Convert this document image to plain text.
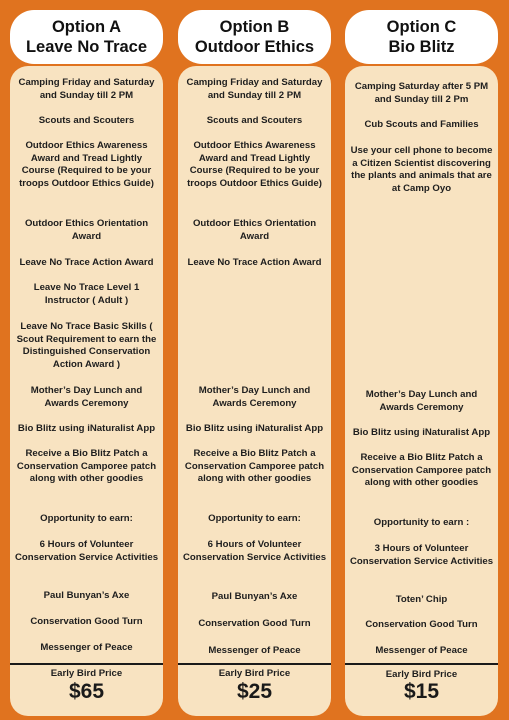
Option A
Leave No Trace
Camping Friday and Saturday and Sunday till 2 PM
Scouts and Scouters
Outdoor Ethics Awareness Award and Tread Lightly Course (Required to be your troops Outdoor Ethics Guide)
Outdoor Ethics Orientation Award
Leave No Trace Action Award
Leave No Trace Level 1 Instructor ( Adult )
Leave No Trace Basic Skills ( Scout Requirement to earn the Distinguished Conservation Action Award )
Mother’s Day Lunch and Awards Ceremony
Bio Blitz using iNaturalist App
Receive a Bio Blitz Patch a Conservation Camporee patch along with other goodies
Opportunity to earn:
6 Hours of Volunteer Conservation Service Activities
Paul Bunyan’s Axe
Conservation Good Turn
Messenger of Peace
Early Bird Price
$65
Option B
Outdoor Ethics
Camping Friday and Saturday and Sunday till 2 PM
Scouts and Scouters
Outdoor Ethics Awareness Award and Tread Lightly Course (Required to be your troops Outdoor Ethics Guide)
Outdoor Ethics Orientation Award
Leave No Trace Action Award
Mother’s Day Lunch and Awards Ceremony
Bio Blitz using iNaturalist App
Receive a Bio Blitz Patch a Conservation Camporee patch along with other goodies
Opportunity to earn:
6 Hours of Volunteer Conservation Service Activities
Paul Bunyan’s Axe
Conservation Good Turn
Messenger of Peace
Early Bird Price
$25
Option C
Bio Blitz
Camping Saturday after 5 PM and Sunday till 2 Pm
Cub Scouts and Families
Use your cell phone to become a Citizen Scientist discovering the plants and animals that are at Camp Oyo
Mother’s Day Lunch and Awards Ceremony
Bio Blitz using iNaturalist App
Receive a Bio Blitz Patch a Conservation Camporee patch along with other goodies
Opportunity to earn :
3 Hours of Volunteer Conservation Service Activities
Toten’ Chip
Conservation Good Turn
Messenger of Peace
Early Bird Price
$15
